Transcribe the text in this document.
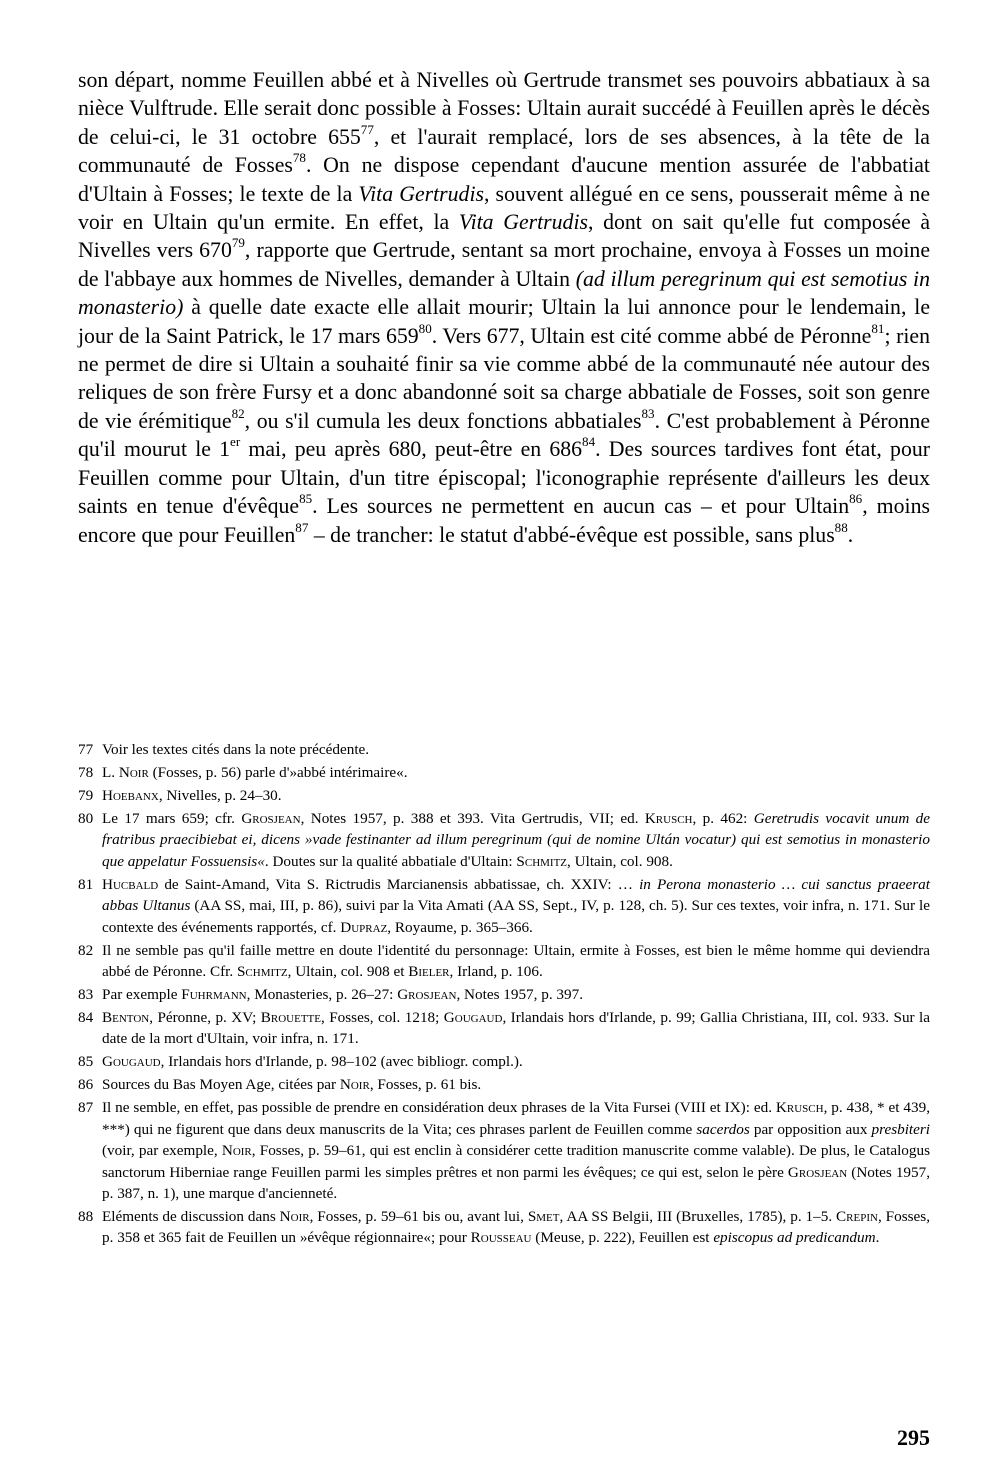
son départ, nomme Feuillen abbé et à Nivelles où Gertrude transmet ses pouvoirs abbatiaux à sa nièce Vulftrude. Elle serait donc possible à Fosses: Ultain aurait succédé à Feuillen après le décès de celui-ci, le 31 octobre $655^{77}$, et l'aurait remplacé, lors de ses absences, à la tête de la communauté de Fosses$^{78}$. On ne dispose cependant d'aucune mention assurée de l'abbatiat d'Ultain à Fosses; le texte de la Vita Gertrudis, souvent allégué en ce sens, pousserait même à ne voir en Ultain qu'un ermite. En effet, la Vita Gertrudis, dont on sait qu'elle fut composée à Nivelles vers $670^{79}$, rapporte que Gertrude, sentant sa mort prochaine, envoya à Fosses un moine de l'abbaye aux hommes de Nivelles, demander à Ultain (ad illum peregrinum qui est semotius in monasterio) à quelle date exacte elle allait mourir; Ultain la lui annonce pour le lendemain, le jour de la Saint Patrick, le 17 mars $659^{80}$. Vers 677, Ultain est cité comme abbé de Péronne$^{81}$; rien ne permet de dire si Ultain a souhaité finir sa vie comme abbé de la communauté née autour des reliques de son frère Fursy et a donc abandonné soit sa charge abbatiale de Fosses, soit son genre de vie érémitique$^{82}$, ou s'il cumula les deux fonctions abbatiales$^{83}$. C'est probablement à Péronne qu'il mourut le 1er mai, peu après 680, peut-être en $686^{84}$. Des sources tardives font état, pour Feuillen comme pour Ultain, d'un titre épiscopal; l'iconographie représente d'ailleurs les deux saints en tenue d'évêque$^{85}$. Les sources ne permettent en aucun cas – et pour Ultain$^{86}$, moins encore que pour Feuillen$^{87}$ – de trancher: le statut d'abbé-évêque est possible, sans plus$^{88}$.

77 Voir les textes cités dans la note précédente.
78 L. Noir (Fosses, p. 56) parle d'»abbé intérimaire«.
79 Hoebanx, Nivelles, p. 24–30.
80 Le 17 mars 659; cfr. Grosjean, Notes 1957, p. 388 et 393. Vita Gertrudis, VII; ed. Krusch, p. 462: Geretrudis vocavit unum de fratribus praecibiebat ei, dicens »vade festinanter ad illum peregrinum (qui de nomine Ultán vocatur) qui est semotius in monasterio que appelatur Fossuensis«. Doutes sur la qualité abbatiale d'Ultain: Schmitz, Ultain, col. 908.
81 Hucbald de Saint-Amand, Vita S. Rictrudis Marcianensis abbatissae, ch. XXIV: … in Perona monasterio … cui sanctus praeerat abbas Ultanus (AA SS, mai, III, p. 86), suivi par la Vita Amati (AA SS, Sept., IV, p. 128, ch. 5). Sur ces textes, voir infra, n. 171. Sur le contexte des événements rapportés, cf. Dupraz, Royaume, p. 365–366.
82 Il ne semble pas qu'il faille mettre en doute l'identité du personnage: Ultain, ermite à Fosses, est bien le même homme qui deviendra abbé de Péronne. Cfr. Schmitz, Ultain, col. 908 et Bieler, Irland, p. 106.
83 Par exemple Fuhrmann, Monasteries, p. 26–27: Grosjean, Notes 1957, p. 397.
84 Benton, Péronne, p. XV; Brouette, Fosses, col. 1218; Gougaud, Irlandais hors d'Irlande, p. 99; Gallia Christiana, III, col. 933. Sur la date de la mort d'Ultain, voir infra, n. 171.
85 Gougaud, Irlandais hors d'Irlande, p. 98–102 (avec bibliogr. compl.).
86 Sources du Bas Moyen Age, citées par Noir, Fosses, p. 61 bis.
87 Il ne semble, en effet, pas possible de prendre en considération deux phrases de la Vita Fursei (VIII et IX): ed. Krusch, p. 438, * et 439, ***) qui ne figurent que dans deux manuscrits de la Vita; ces phrases parlent de Feuillen comme sacerdos par opposition aux presbiteri (voir, par exemple, Noir, Fosses, p. 59–61, qui est enclin à considérer cette tradition manuscrite comme valable). De plus, le Catalogus sanctorum Hiberniae range Feuillen parmi les simples prêtres et non parmi les évêques; ce qui est, selon le père Grosjean (Notes 1957, p. 387, n. 1), une marque d'ancienneté.
88 Eléments de discussion dans Noir, Fosses, p. 59–61 bis ou, avant lui, Smet, AA SS Belgii, III (Bruxelles, 1785), p. 1–5. Crepin, Fosses, p. 358 et 365 fait de Feuillen un »évêque régionnaire«; pour Rousseau (Meuse, p. 222), Feuillen est episcopus ad predicandum.
295
